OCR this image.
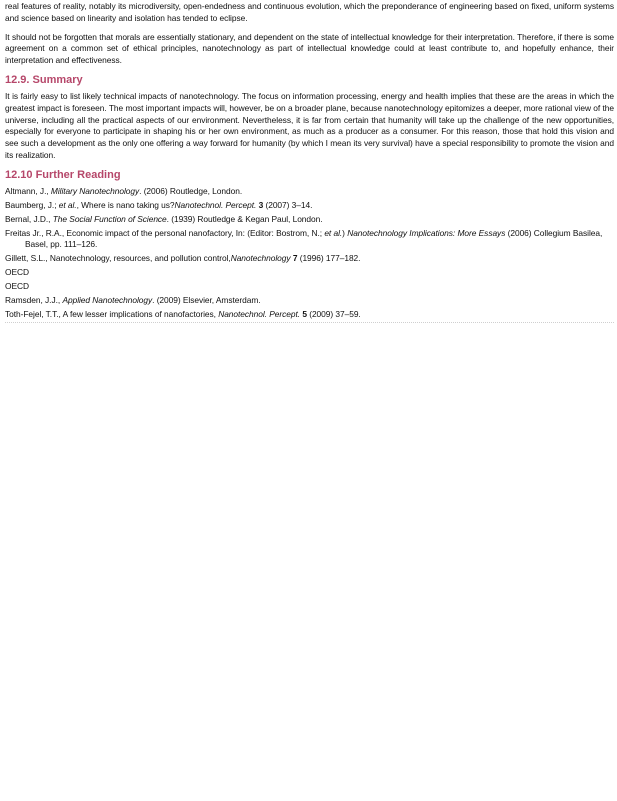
real features of reality, notably its microdiversity, open-endedness and continuous evolution, which the preponderance of engineering based on fixed, uniform systems and science based on linearity and isolation has tended to eclipse.

It should not be forgotten that morals are essentially stationary, and dependent on the state of intellectual knowledge for their interpretation. Therefore, if there is some agreement on a common set of ethical principles, nanotechnology as part of intellectual knowledge could at least contribute to, and hopefully enhance, their interpretation and effectiveness.

12.9. Summary

It is fairly easy to list likely technical impacts of nanotechnology. The focus on information processing, energy and health implies that these are the areas in which the greatest impact is foreseen. The most important impacts will, however, be on a broader plane, because nanotechnology epitomizes a deeper, more rational view of the universe, including all the practical aspects of our environment. Nevertheless, it is far from certain that humanity will take up the challenge of the new opportunities, especially for everyone to participate in shaping his or her own environment, as much as a producer as a consumer. For this reason, those that hold this vision and see such a development as the only one offering a way forward for humanity (by which I mean its very survival) have a special responsibility to promote the vision and its realization.

12.10 Further Reading

Altmann, J., Military Nanotechnology. (2006) Routledge, London.

Baumberg, J.; et al., Where is nano taking us?Nanotechnol. Percept. 3 (2007) 3–14.

Bernal, J.D., The Social Function of Science. (1939) Routledge & Kegan Paul, London.

Freitas Jr., R.A., Economic impact of the personal nanofactory, In: (Editor: Bostrom, N.; et al.) Nanotechnology Implications: More Essays (2006) Collegium Basilea, Basel, pp. 111–126.

Gillett, S.L., Nanotechnology, resources, and pollution control,Nanotechnology 7 (1996) 177–182.

OECD

OECD

Ramsden, J.J., Applied Nanotechnology. (2009) Elsevier, Amsterdam.

Toth-Fejel, T.T., A few lesser implications of nanofactories, Nanotechnol. Percept. 5 (2009) 37–59.
